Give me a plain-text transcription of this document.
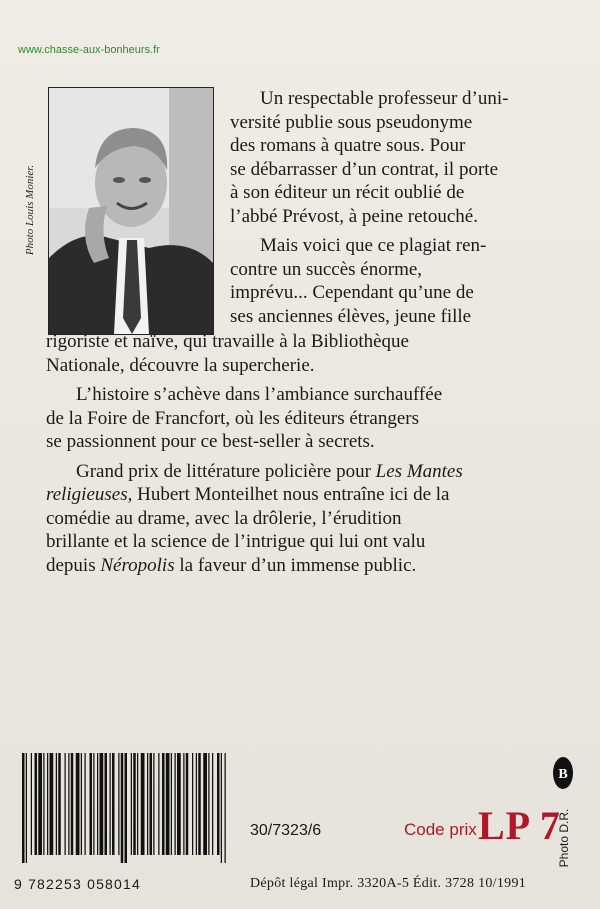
www.chasse-aux-bonheurs.fr
Photo Louis Monier.

Un respectable professeur d’uni-

versité publie sous pseudonyme

des romans à quatre sous. Pour

se débarrasser d’un contrat, il porte

à son éditeur un récit oublié de

l’abbé Prévost, à peine retouché.

Mais voici que ce plagiat ren-

contre un succès énorme,

imprévu... Cependant qu’une de

ses anciennes élèves, jeune fille

rigoriste et naïve, qui travaille à la Bibliothèque

Nationale, découvre la supercherie.

L’histoire s’achève dans l’ambiance surchauffée

de la Foire de Francfort, où les éditeurs étrangers

se passionnent pour ce best-seller à secrets.

Grand prix de littérature policière pour Les Mantes

religieuses, Hubert Monteilhet nous entraîne ici de la

comédie au drame, avec la drôlerie, l’érudition

brillante et la science de l’intrigue qui lui ont valu

depuis Néropolis la faveur d’un immense public.

9 782253 058014
30/7323/6	Code prix LP 7
B
Photo D.R.
Dépôt légal Impr. 3320A-5 Édit. 3728 10/1991
